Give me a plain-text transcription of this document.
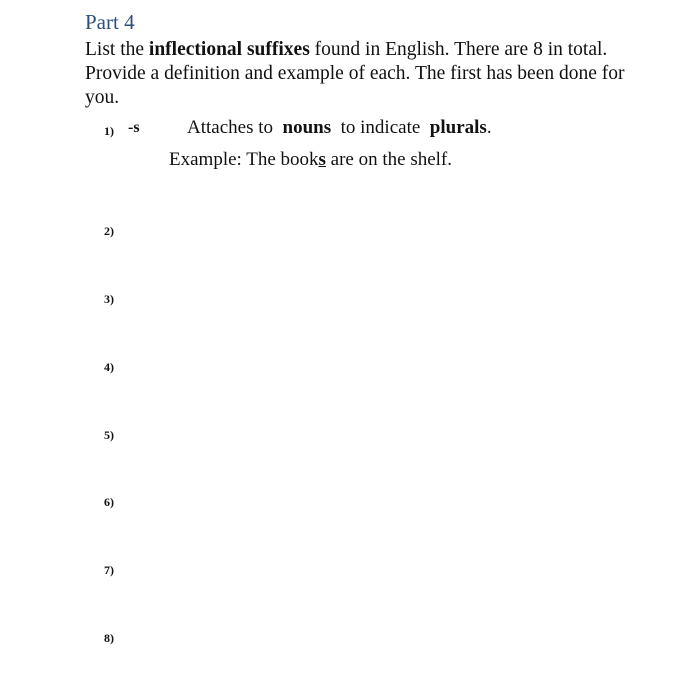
Part 4
List the inflectional suffixes found in English. There are 8 in total. Provide a definition and example of each. The first has been done for you.
1) -s Attaches to  nouns  to indicate  plurals.
Example: The books are on the shelf.
2)
3)
4)
5)
6)
7)
8)
